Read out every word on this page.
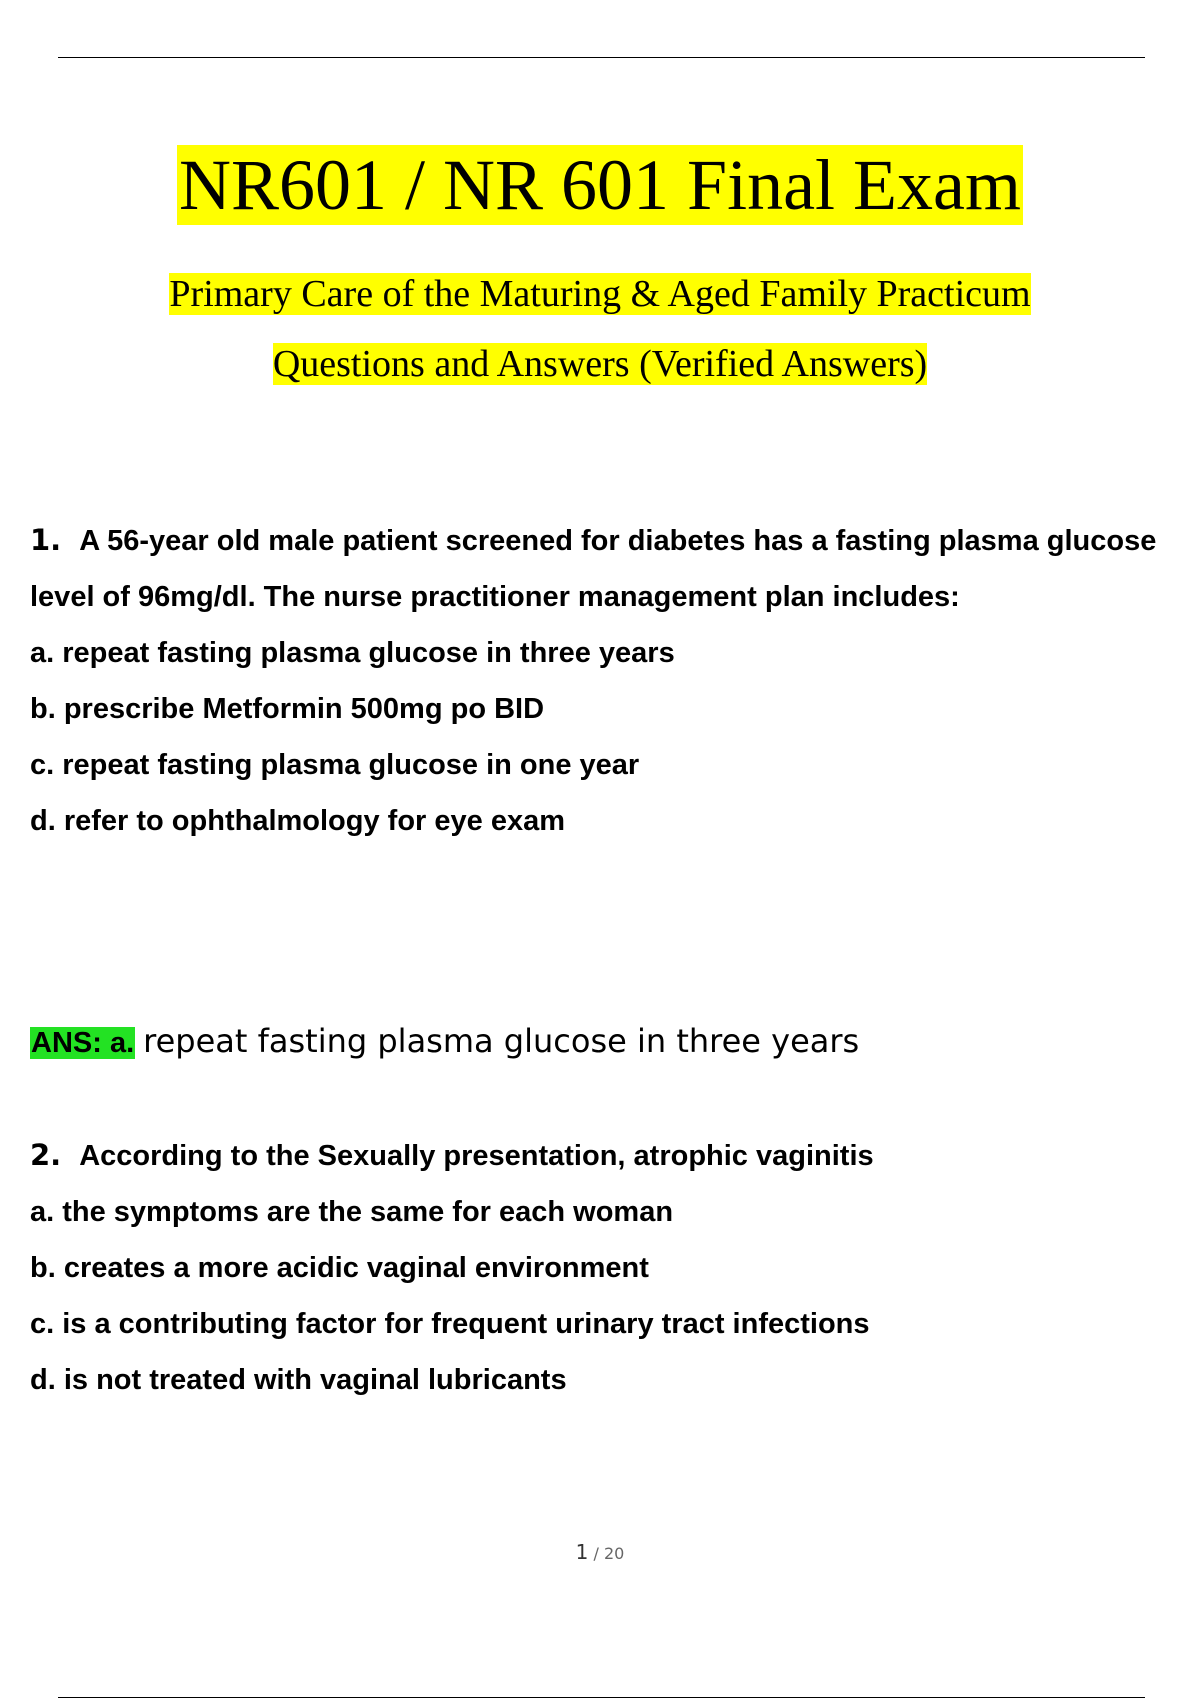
NR601 / NR 601 Final Exam
Primary Care of the Maturing & Aged Family Practicum
Questions and Answers (Verified Answers)
1. A 56-year old male patient screened for diabetes has a fasting plasma glucose level of 96mg/dl. The nurse practitioner management plan includes:
a. repeat fasting plasma glucose in three years
b. prescribe Metformin 500mg po BID
c. repeat fasting plasma glucose in one year
d. refer to ophthalmology for eye exam
ANS: a. repeat fasting plasma glucose in three years
2. According to the Sexually presentation, atrophic vaginitis
a. the symptoms are the same for each woman
b. creates a more acidic vaginal environment
c. is a contributing factor for frequent urinary tract infections
d. is not treated with vaginal lubricants
1 / 20
